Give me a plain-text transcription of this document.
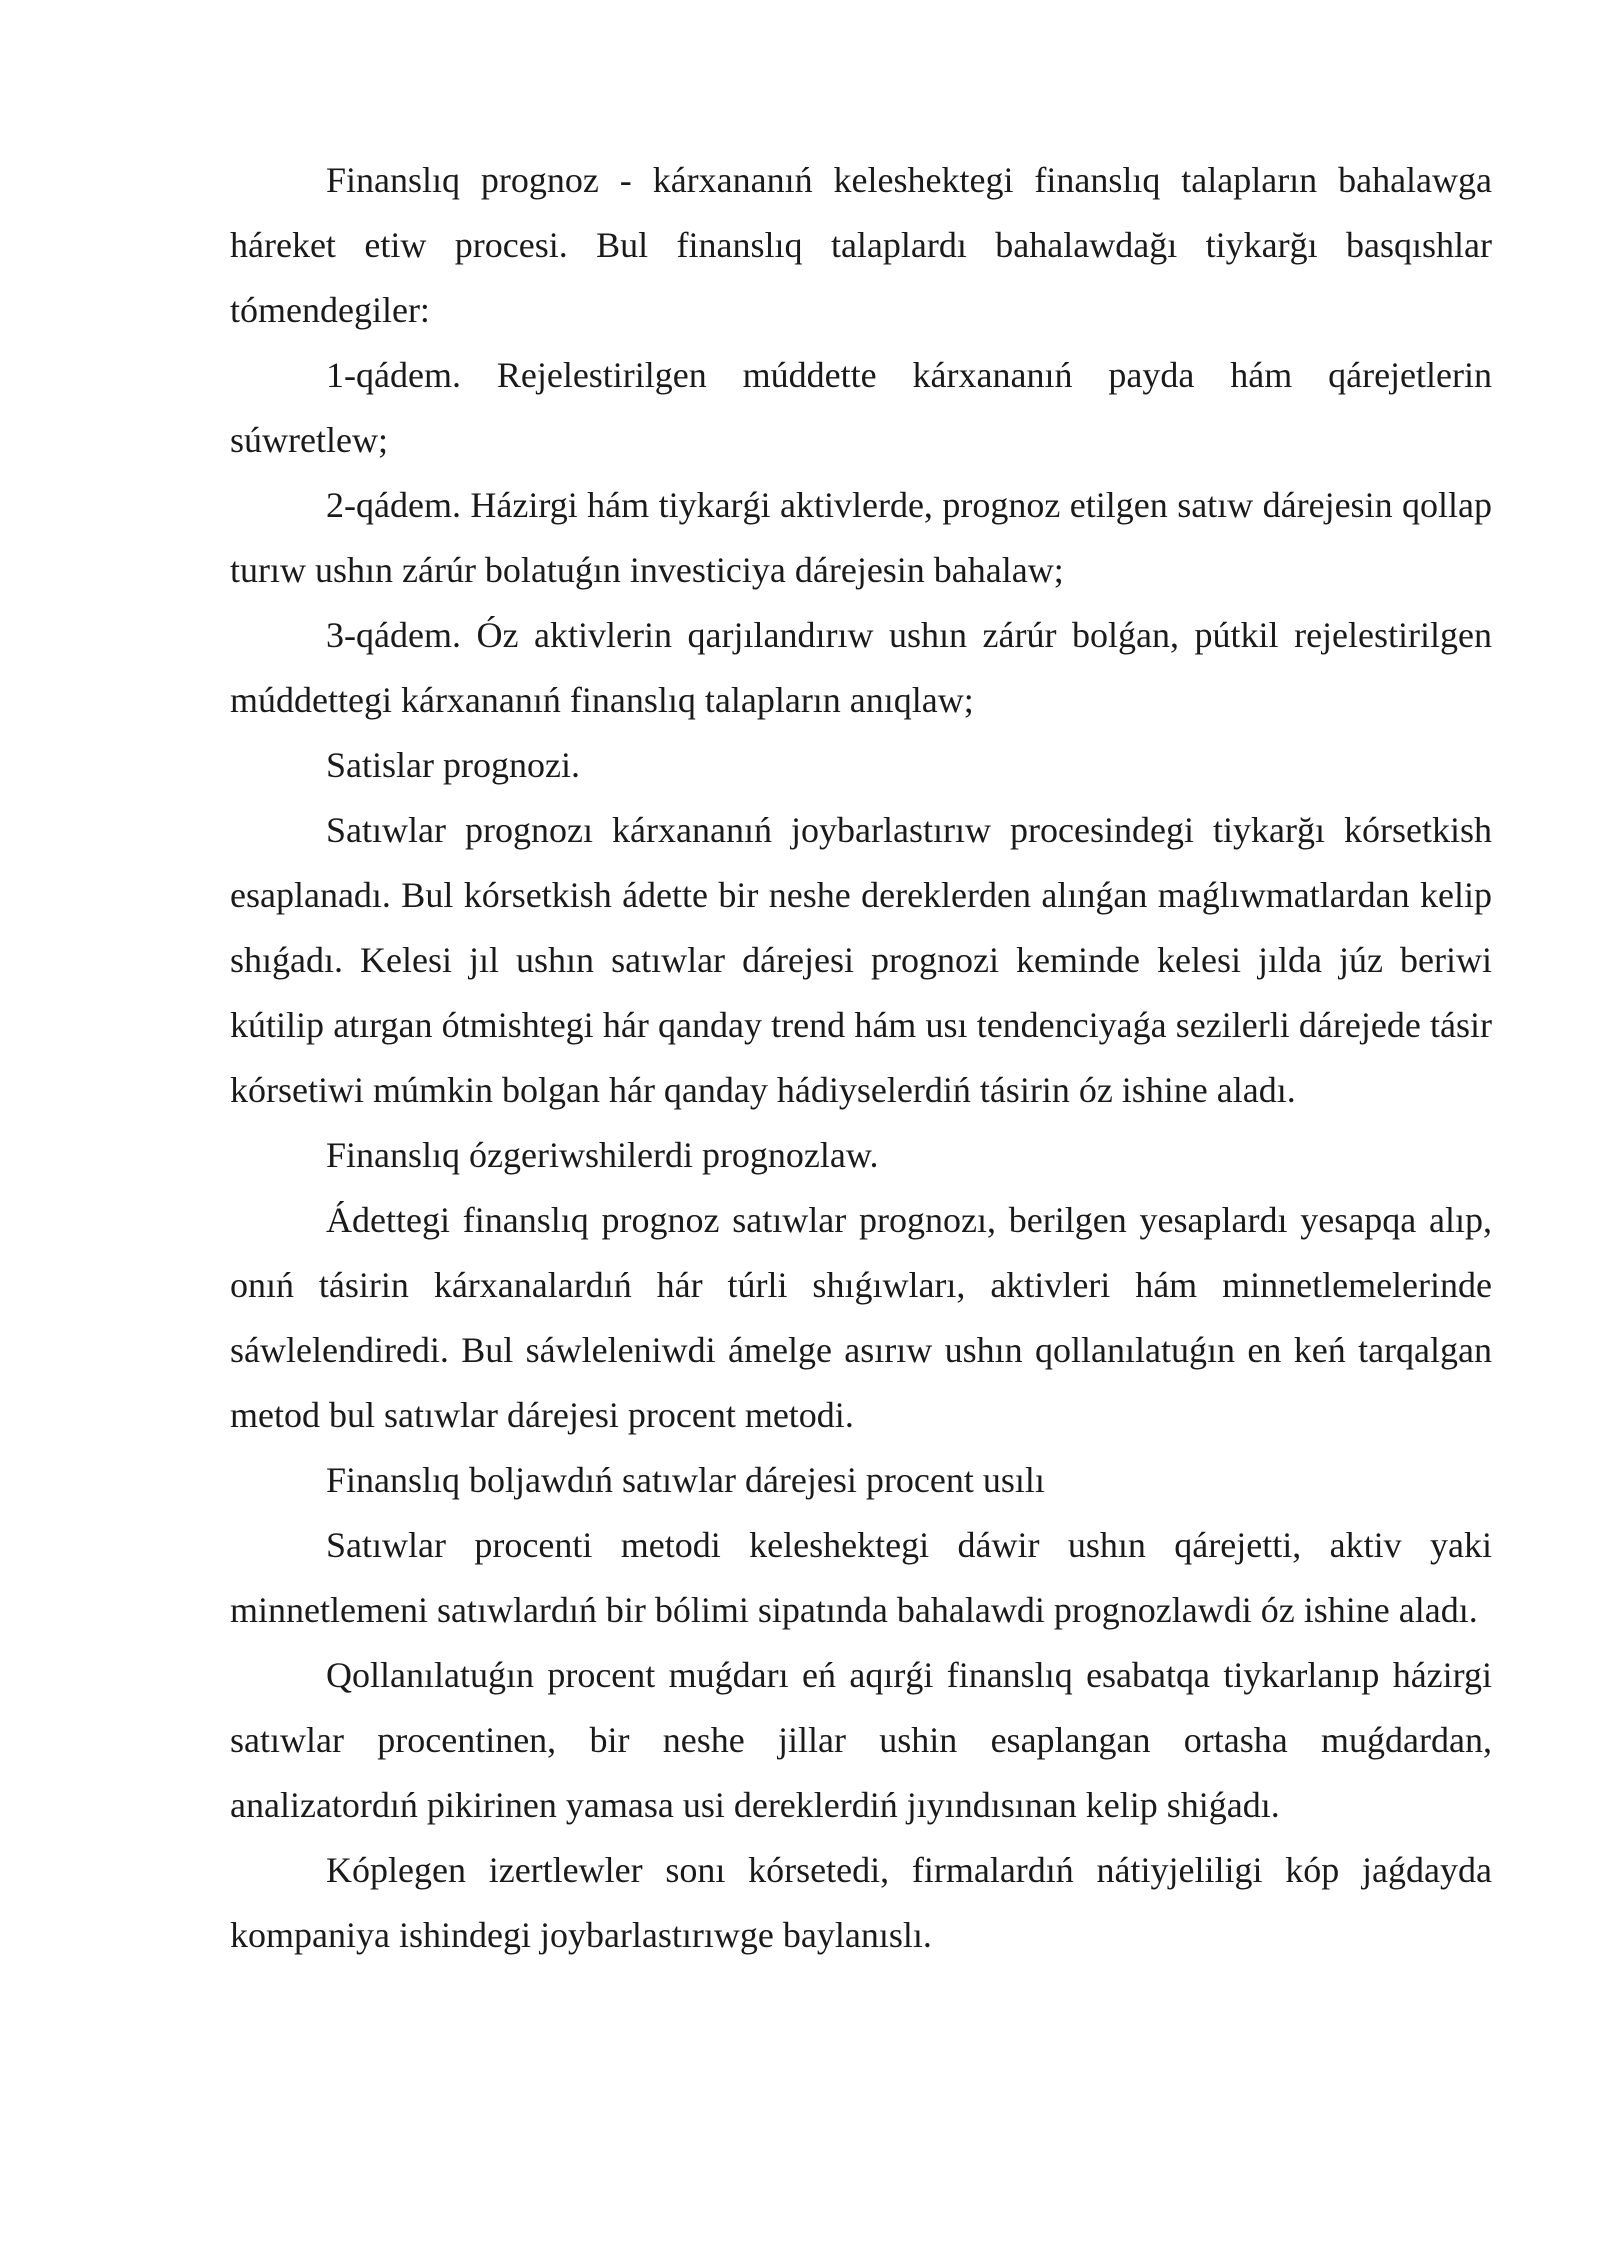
Finanslıq prognoz - kárxananıń keleshektegi finanslıq talapların bahalawga háreket etiw procesi. Bul finanslıq talaplardı bahalawdağı tiykarğı basqıshlar tómendegiler:

1-qádem. Rejelestirilgen múddette kárxananıń payda hám qárejetlerin súwretlew;

2-qádem. Házirgi hám tiykarǵi aktivlerde, prognoz etilgen satıw dárejesin qollap turıw ushın zárúr bolatuǵın investiciya dárejesin bahalaw;

3-qádem. Óz aktivlerin qarjılandırıw ushın zárúr bolǵan, pútkil rejelestirilgen múddettegi kárxananıń finanslıq talapların anıqlaw;

Satislar prognozi.

Satıwlar prognozı kárxananıń joybarlastırıw procesindegi tiykarğı kórsetkish esaplanadı. Bul kórsetkish ádette bir neshe dereklerden alınǵan maǵlıwmatlardan kelip shıǵadı. Kelesi jıl ushın satıwlar dárejesi prognozi keminde kelesi jılda júz beriwi kútilip atırgan ótmishtegi hár qanday trend hám usı tendenciyaǵa sezilerli dárejede tásir kórsetiwi múmkin bolgan hár qanday hádiyselerdiń tásirin óz ishine aladı.

Finanslıq ózgeriwshilerdi prognozlaw.

Ádettegi finanslıq prognoz satıwlar prognozı, berilgen yesaplardı yesapqa alıp, onıń tásirin kárxanalardıń hár túrli shıǵıwları, aktivleri hám minnetlemelerinde sáwlelendiredi. Bul sáwleleniwdi ámelge asırıw ushın qollanılatuǵın en keń tarqalgan metod bul satıwlar dárejesi procent metodi.

Finanslıq boljawdıń satıwlar dárejesi procent usılı

Satıwlar procenti metodi keleshektegi dáwir ushın qárejetti, aktiv yaki minnetlemeni satıwlardıń bir bólimi sipatında bahalawdi prognozlawdi óz ishine aladı.

Qollanılatuǵın procent muǵdarı eń aqırǵi finanslıq esabatqa tiykarlanıp házirgi satıwlar procentinen, bir neshe jillar ushin esaplangan ortasha muǵdardan, analizatordıń pikirinen yamasa usi dereklerdiń jıyındısınan kelip shiǵadı.

Kóplegen izertlewler sonı kórsetedi, firmalardıń nátiyjeliligi kóp jaǵdayda kompaniya ishindegi joybarlastırıwge baylanıslı.
